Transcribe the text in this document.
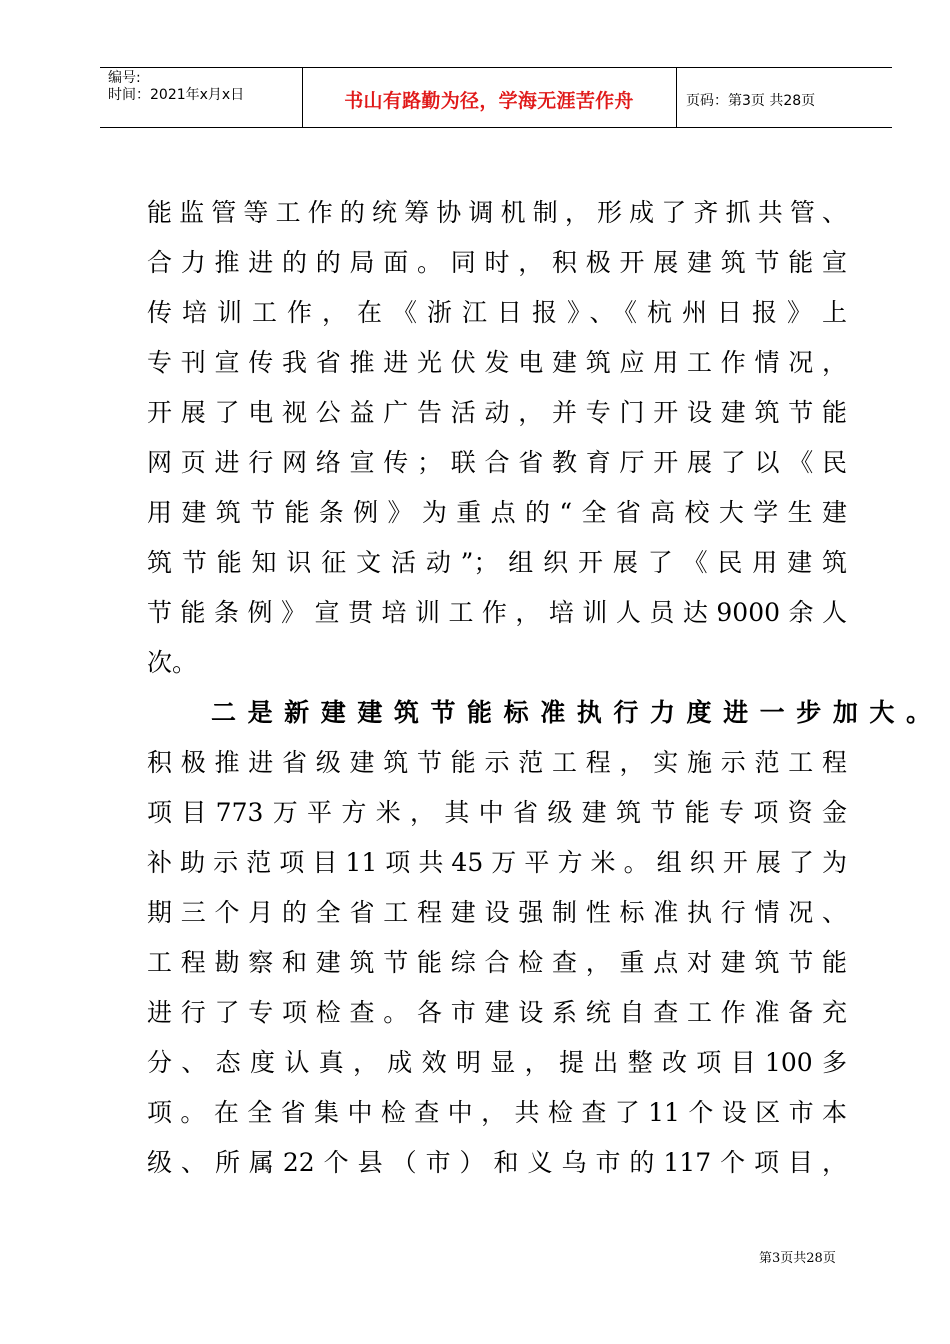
编号:
时间：2021年x月x日	书山有路勤为径，学海无涯苦作舟	页码：第3页 共28页
能监管等工作的统筹协调机制，形成了齐抓共管、
合力推进的的局面。同时，积极开展建筑节能宣
传培训工作，在《浙江日报》、《杭州日报》上
专刊宣传我省推进光伏发电建筑应用工作情况，
开展了电视公益广告活动，并专门开设建筑节能
网页进行网络宣传；联合省教育厅开展了以《民
用建筑节能条例》为重点的“全省高校大学生建
筑节能知识征文活动”；组织开展了《民用建筑
节能条例》宣贯培训工作，培训人员达9000余人
次。
二是新建建筑节能标准执行力度进一步加大。
积极推进省级建筑节能示范工程，实施示范工程
项目773万平方米，其中省级建筑节能专项资金
补助示范项目11项共45万平方米。组织开展了为
期三个月的全省工程建设强制性标准执行情况、
工程勘察和建筑节能综合检查，重点对建筑节能
进行了专项检查。各市建设系统自查工作准备充
分、态度认真，成效明显，提出整改项目100多
项。在全省集中检查中，共检查了11个设区市本
级、所属22个县（市）和义乌市的117个项目，
第3页共28页
